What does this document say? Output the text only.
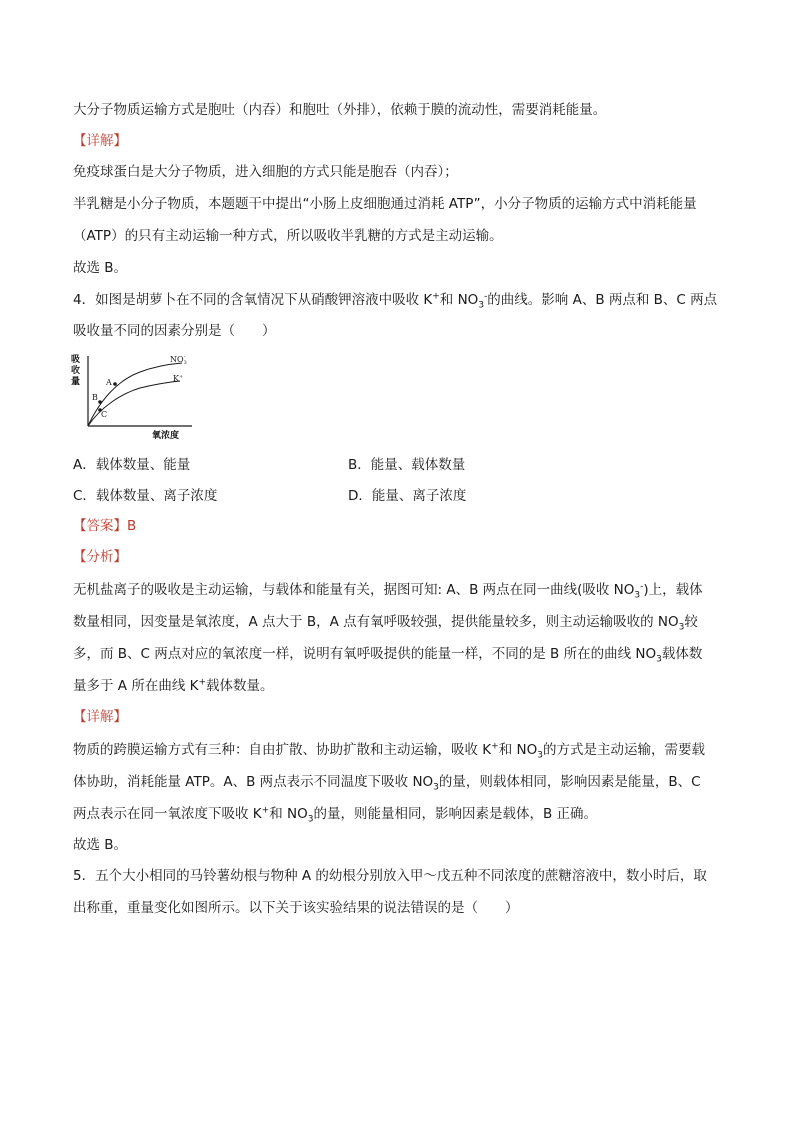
大分子物质运输方式是胞吐（内吞）和胞吐（外排），依赖于膜的流动性，需要消耗能量。
【详解】
免疫球蛋白是大分子物质，进入细胞的方式只能是胞吞（内吞）；
半乳糖是小分子物质，本题题干中提出“小肠上皮细胞通过消耗 ATP”，小分子物质的运输方式中消耗能量
（ATP）的只有主动运输一种方式，所以吸收半乳糖的方式是主动运输。
故选 B。
4．如图是胡萝卜在不同的含氧情况下从硝酸钾溶液中吸收 K+和 $NO_3^-$的曲线。影响 A、B 两点和 B、C 两点
吸收量不同的因素分别是（　　）
吸
收
量	A
B
C
$NO_3-$
K+
氧浓度
A．载体数量、能量	B．能量、载体数量
C．载体数量、离子浓度	D．能量、离子浓度
【答案】B
【分析】
无机盐离子的吸收是主动运输，与载体和能量有关，据图可知: A、B 两点在同一曲线(吸收 $NO_3^-$)上，载体
数量相同，因变量是氧浓度，A 点大于 B，A 点有氧呼吸较强，提供能量较多，则主动运输吸收的 $NO_3$较
多，而 B、C 两点对应的氧浓度一样，说明有氧呼吸提供的能量一样，不同的是 B 所在的曲线 $NO_3$载体数
量多于 A 所在曲线 K+载体数量。
【详解】
物质的跨膜运输方式有三种：自由扩散、协助扩散和主动运输，吸收 K+和 $NO_3$的方式是主动运输，需要载
体协助，消耗能量 ATP。A、B 两点表示不同温度下吸收 $NO_3$的量，则载体相同，影响因素是能量，B、C
两点表示在同一氧浓度下吸收 K+和 $NO_3$的量，则能量相同，影响因素是载体，B 正确。
故选 B。
5．五个大小相同的马铃薯幼根与物种 A 的幼根分别放入甲～戊五种不同浓度的蔗糖溶液中，数小时后，取
出称重，重量变化如图所示。以下关于该实验结果的说法错误的是（　　）
